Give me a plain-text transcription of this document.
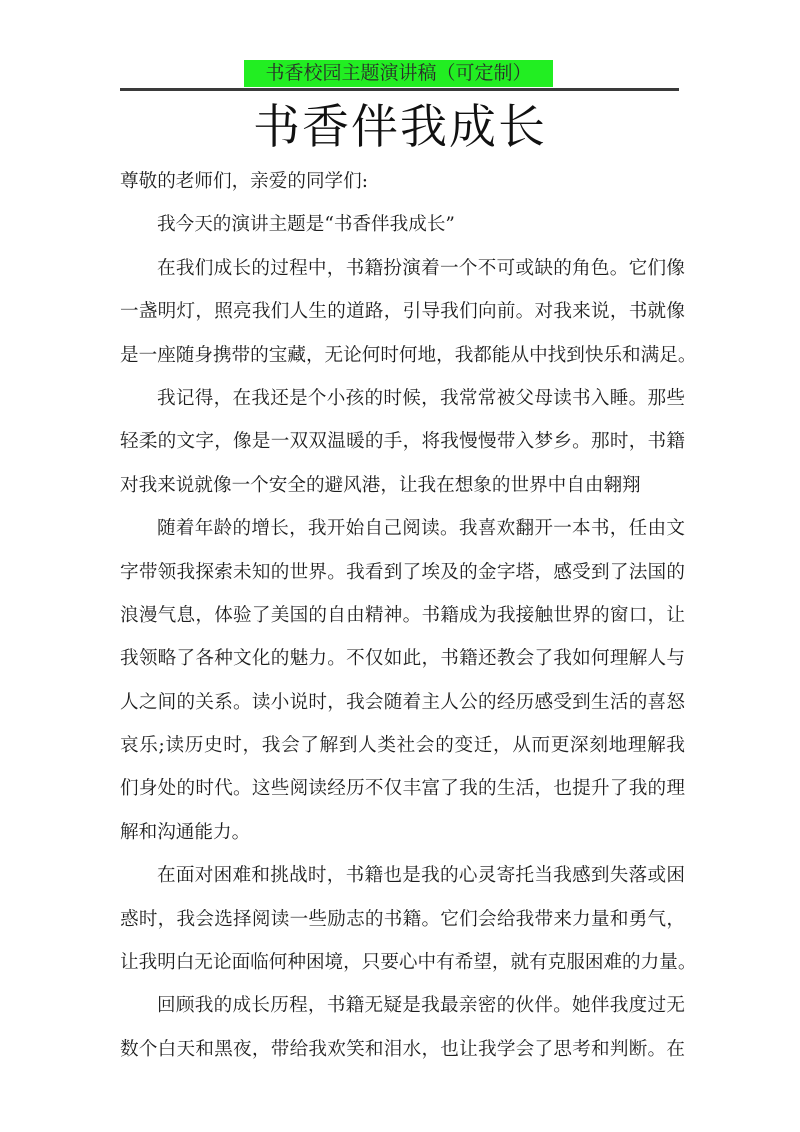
书香校园主题演讲稿（可定制）
书香伴我成长
尊敬的老师们，亲爱的同学们:
我今天的演讲主题是“书香伴我成长”
在我们成长的过程中，书籍扮演着一个不可或缺的角色。它们像
一盏明灯，照亮我们人生的道路，引导我们向前。对我来说，书就像
是一座随身携带的宝藏，无论何时何地，我都能从中找到快乐和满足。
我记得，在我还是个小孩的时候，我常常被父母读书入睡。那些
轻柔的文字，像是一双双温暖的手，将我慢慢带入梦乡。那时，书籍
对我来说就像一个安全的避风港，让我在想象的世界中自由翱翔
随着年龄的增长，我开始自己阅读。我喜欢翻开一本书，任由文
字带领我探索未知的世界。我看到了埃及的金字塔，感受到了法国的
浪漫气息，体验了美国的自由精神。书籍成为我接触世界的窗口，让
我领略了各种文化的魅力。不仅如此，书籍还教会了我如何理解人与
人之间的关系。读小说时，我会随着主人公的经历感受到生活的喜怒
哀乐;读历史时，我会了解到人类社会的变迁，从而更深刻地理解我
们身处的时代。这些阅读经历不仅丰富了我的生活，也提升了我的理
解和沟通能力。
在面对困难和挑战时，书籍也是我的心灵寄托当我感到失落或困
惑时，我会选择阅读一些励志的书籍。它们会给我带来力量和勇气，
让我明白无论面临何种困境，只要心中有希望，就有克服困难的力量。
回顾我的成长历程，书籍无疑是我最亲密的伙伴。她伴我度过无
数个白天和黑夜，带给我欢笑和泪水，也让我学会了思考和判断。在
